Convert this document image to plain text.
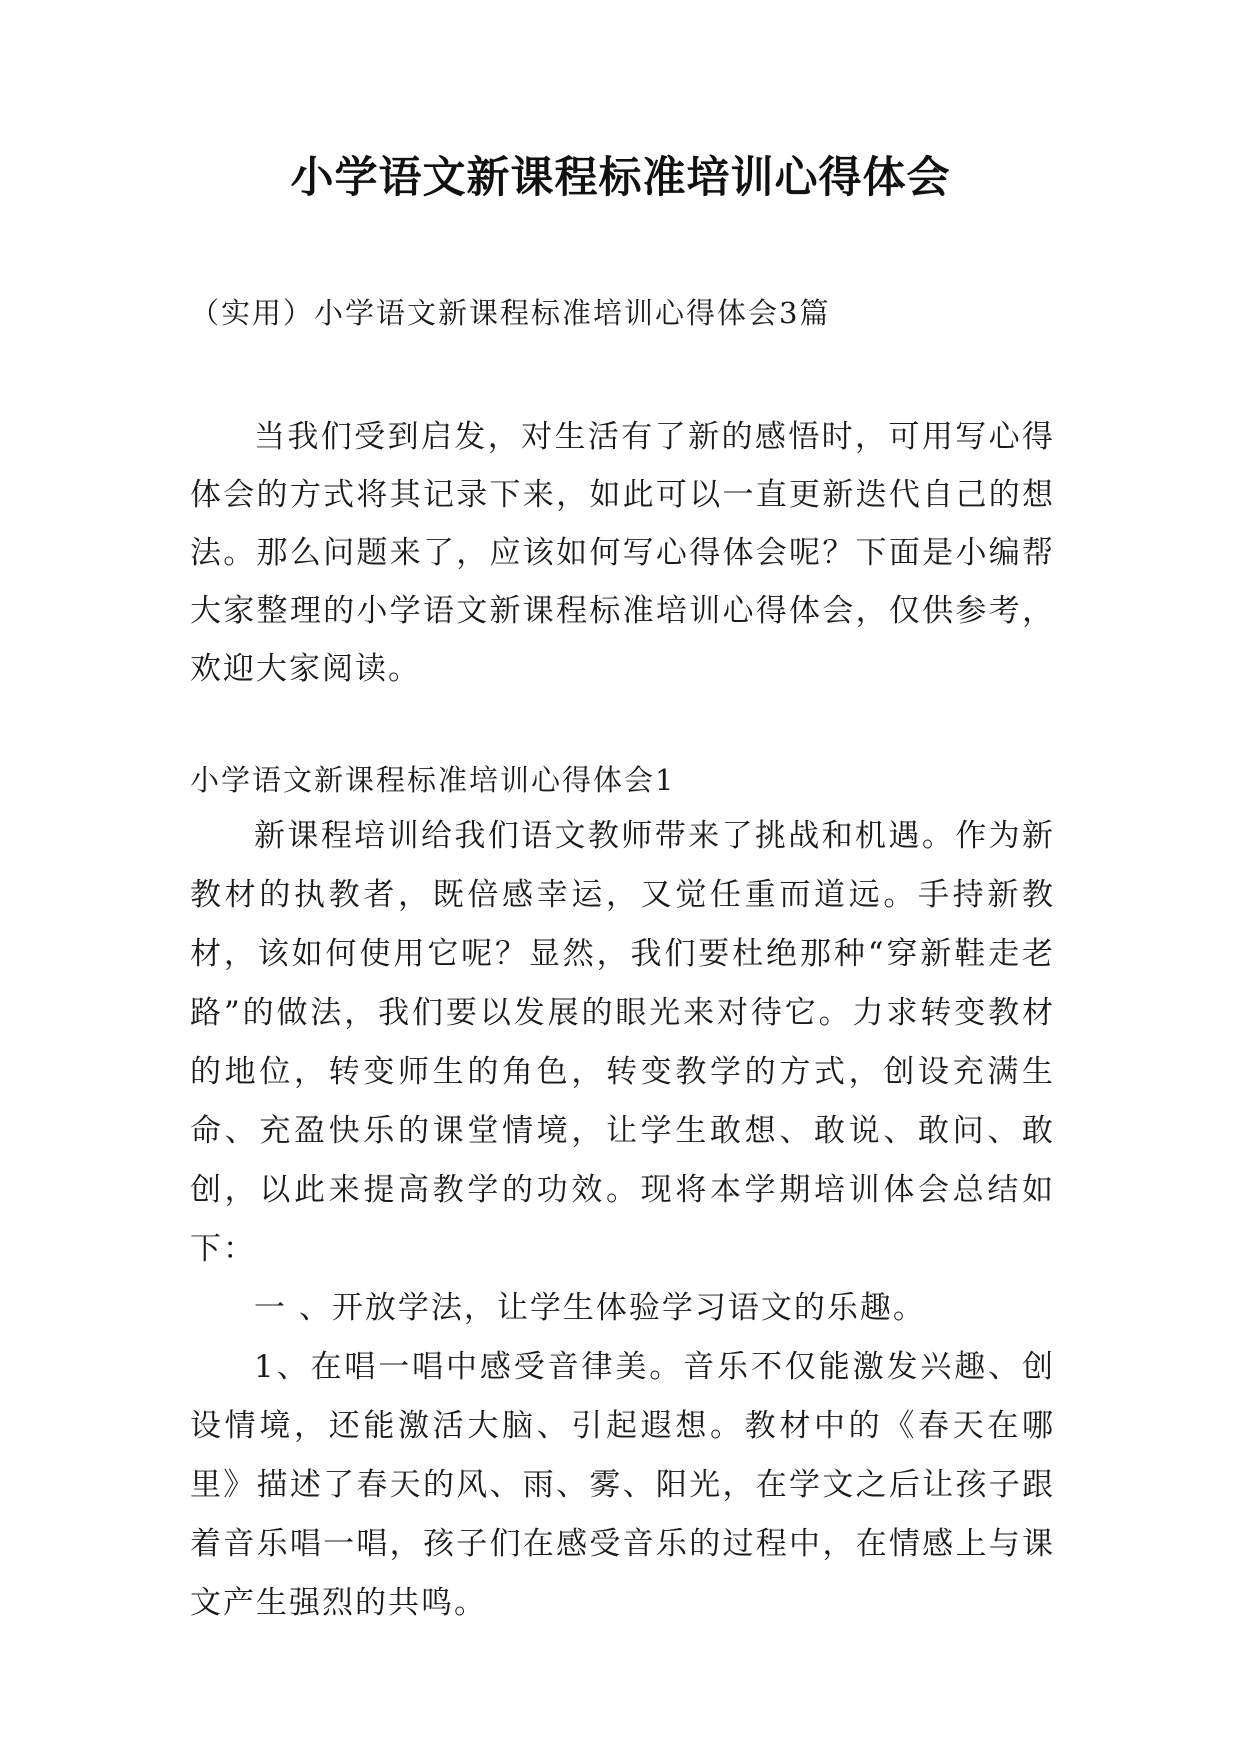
小学语文新课程标准培训心得体会
（实用）小学语文新课程标准培训心得体会3篇

当我们受到启发，对生活有了新的感悟时，可用写心得体会的方式将其记录下来，如此可以一直更新迭代自己的想法。那么问题来了，应该如何写心得体会呢？下面是小编帮大家整理的小学语文新课程标准培训心得体会，仅供参考，欢迎大家阅读。

小学语文新课程标准培训心得体会1

新课程培训给我们语文教师带来了挑战和机遇。作为新教材的执教者，既倍感幸运，又觉任重而道远。手持新教材，该如何使用它呢？显然，我们要杜绝那种“穿新鞋走老路”的做法，我们要以发展的眼光来对待它。力求转变教材的地位，转变师生的角色，转变教学的方式，创设充满生命、充盈快乐的课堂情境，让学生敢想、敢说、敢问、敢创，以此来提高教学的功效。现将本学期培训体会总结如下：

一 、开放学法，让学生体验学习语文的乐趣。

1、在唱一唱中感受音律美。音乐不仅能激发兴趣、创设情境，还能激活大脑、引起遐想。教材中的《春天在哪里》描述了春天的风、雨、雾、阳光，在学文之后让孩子跟着音乐唱一唱，孩子们在感受音乐的过程中，在情感上与课文产生强烈的共鸣。
